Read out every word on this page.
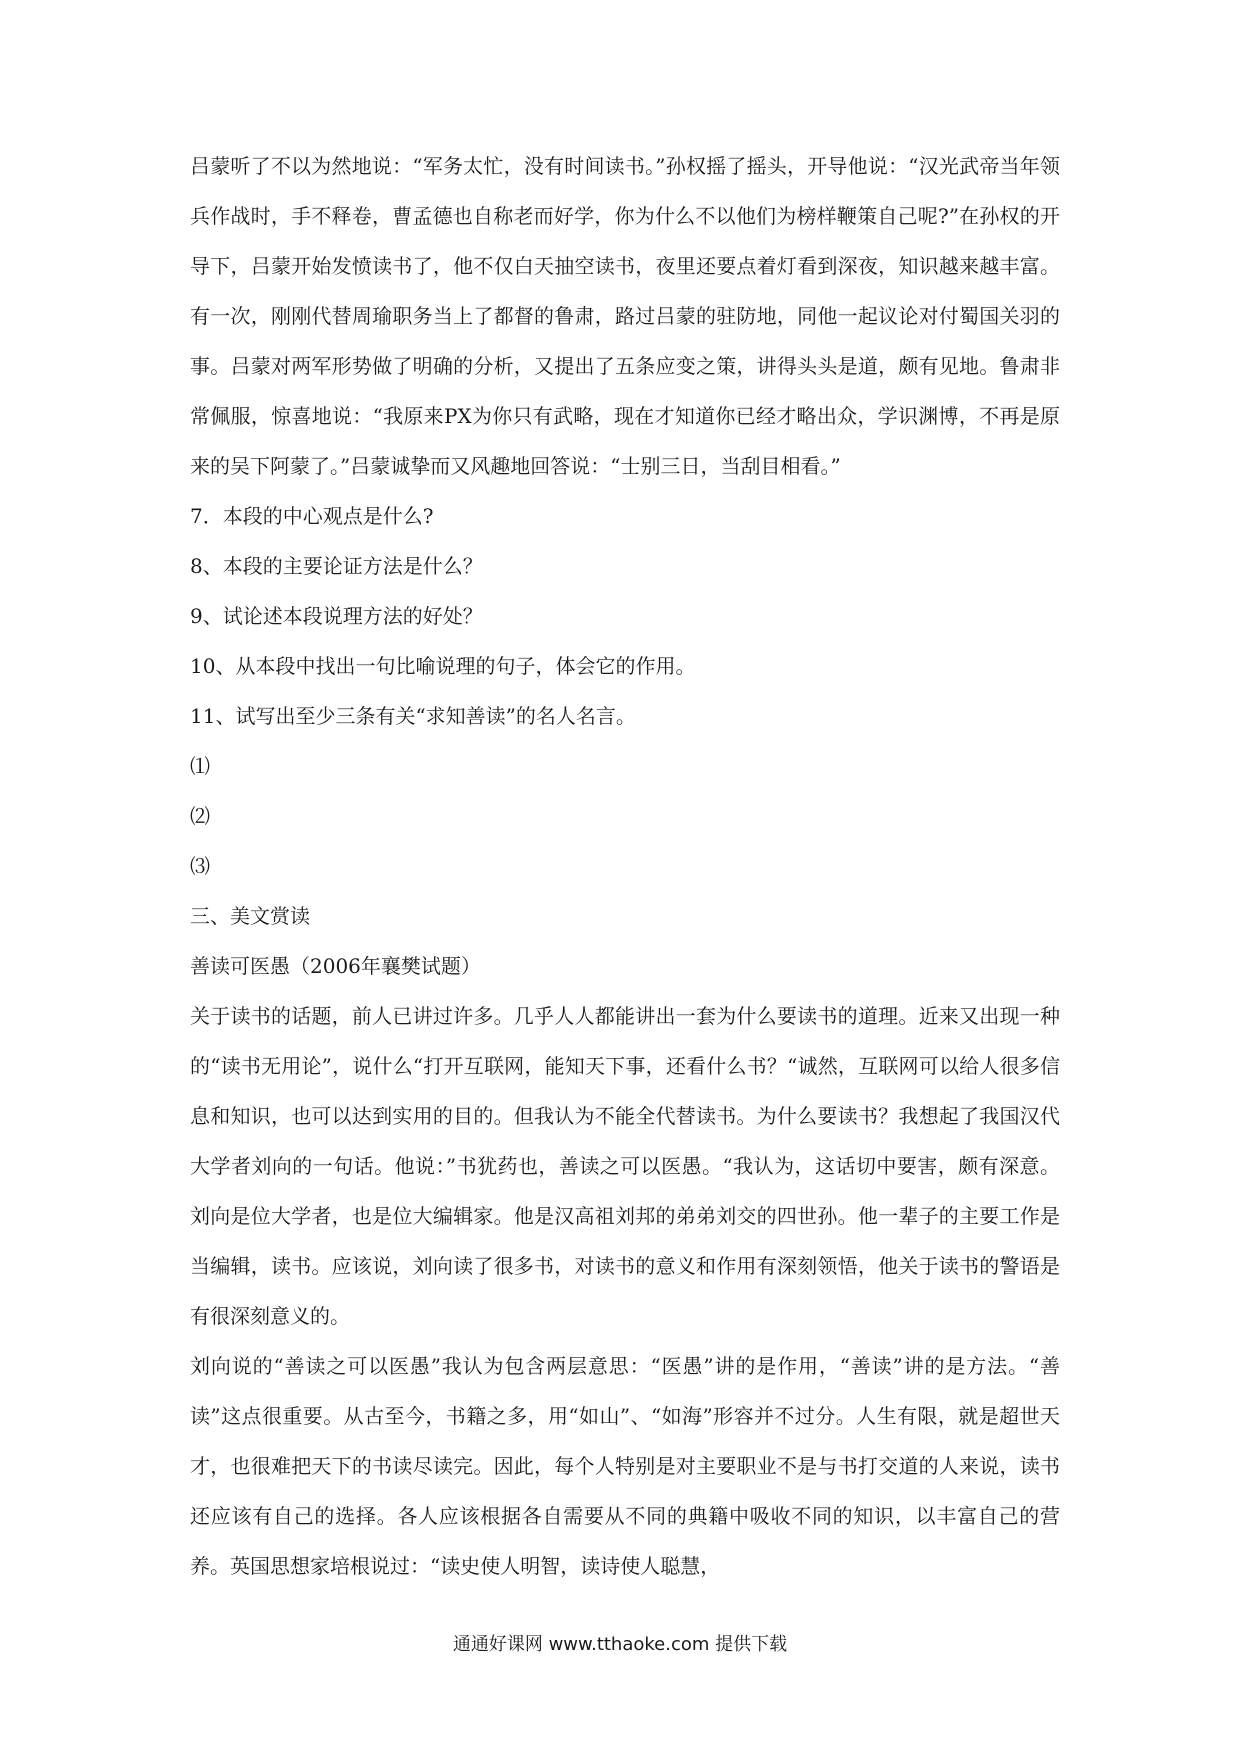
吕蒙听了不以为然地说：“军务太忙，没有时间读书。”孙权摇了摇头，开导他说：“汉光武帝当年领兵作战时，手不释卷，曹孟德也自称老而好学，你为什么不以他们为榜样鞭策自己呢?”在孙权的开导下，吕蒙开始发愤读书了，他不仅白天抽空读书，夜里还要点着灯看到深夜，知识越来越丰富。有一次，刚刚代替周瑜职务当上了都督的鲁肃，路过吕蒙的驻防地，同他一起议论对付蜀国关羽的事。吕蒙对两军形势做了明确的分析，又提出了五条应变之策，讲得头头是道，颇有见地。鲁肃非常佩服，惊喜地说：“我原来PX为你只有武略，现在才知道你已经才略出众，学识渊博，不再是原来的吴下阿蒙了。”吕蒙诚挚而又风趣地回答说：“士别三日，当刮目相看。”

7．本段的中心观点是什么?

8、本段的主要论证方法是什么？

9、试论述本段说理方法的好处？

10、从本段中找出一句比喻说理的句子，体会它的作用。

11、试写出至少三条有关“求知善读”的名人名言。

⑴

⑵

⑶

三、美文赏读

善读可医愚（2006年襄樊试题）

关于读书的话题，前人已讲过许多。几乎人人都能讲出一套为什么要读书的道理。近来又出现一种的“读书无用论”，说什么“打开互联网，能知天下事，还看什么书？“诚然，互联网可以给人很多信息和知识，也可以达到实用的目的。但我认为不能全代替读书。为什么要读书？我想起了我国汉代大学者刘向的一句话。他说：”书犹药也，善读之可以医愚。“我认为，这话切中要害，颇有深意。刘向是位大学者，也是位大编辑家。他是汉高祖刘邦的弟弟刘交的四世孙。他一辈子的主要工作是当编辑，读书。应该说，刘向读了很多书，对读书的意义和作用有深刻领悟，他关于读书的警语是有很深刻意义的。

刘向说的“善读之可以医愚”我认为包含两层意思：“医愚”讲的是作用，“善读”讲的是方法。“善读”这点很重要。从古至今，书籍之多，用“如山”、“如海”形容并不过分。人生有限，就是超世天才，也很难把天下的书读尽读完。因此，每个人特别是对主要职业不是与书打交道的人来说，读书还应该有自己的选择。各人应该根据各自需要从不同的典籍中吸收不同的知识，以丰富自己的营养。英国思想家培根说过：“读史使人明智，读诗使人聪慧，

通通好课网 www.tthaoke.com 提供下载
